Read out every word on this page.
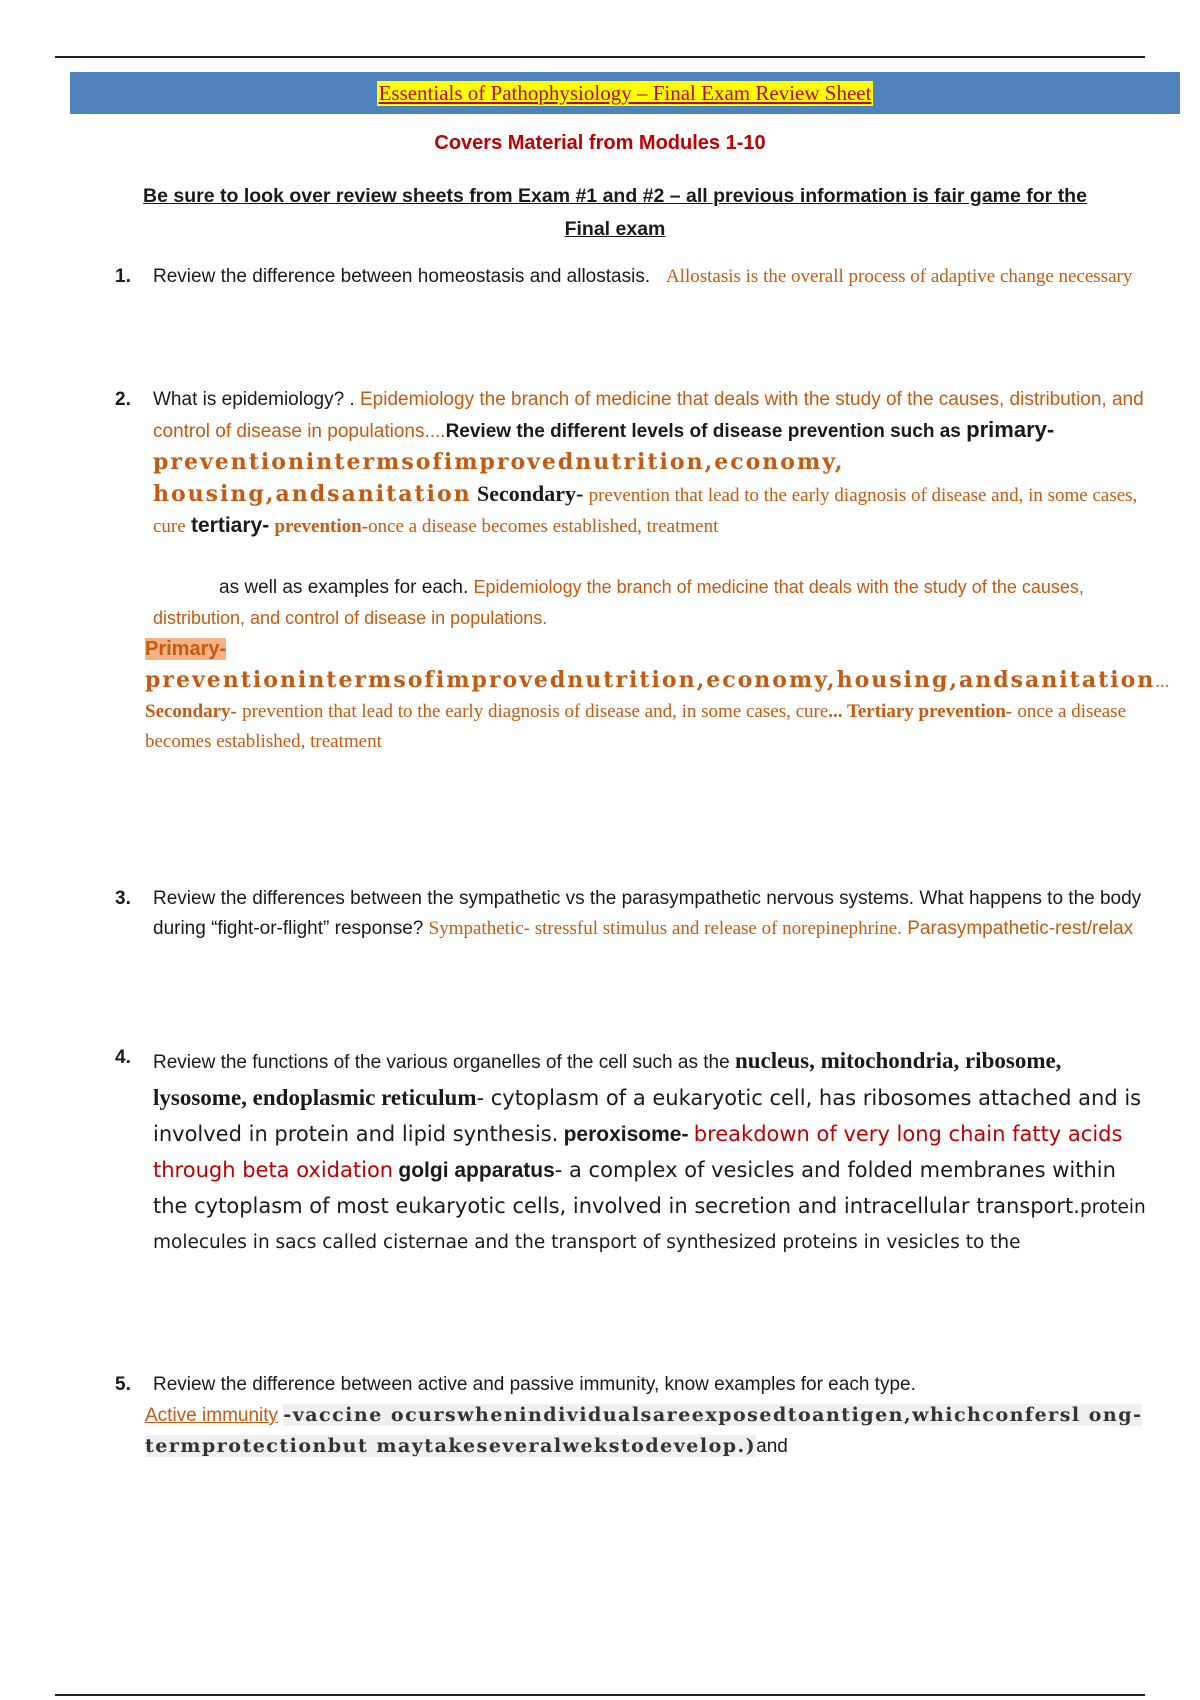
Essentials of Pathophysiology – Final Exam Review Sheet
Covers Material from Modules 1-10
Be sure to look over review sheets from Exam #1 and #2 – all previous information is fair game for the
Final exam
1. Review the difference between homeostasis and allostasis. Allostasis is the overall process of adaptive change necessary
2. What is epidemiology? . Epidemiology the branch of medicine that deals with the study of the causes, distribution, and control of disease in populations....Review the different levels of disease prevention such as primary- preventionintermsofimprovednutrition,economy, housing,andsanitation Secondary- prevention that lead to the early diagnosis of disease and, in some cases, cure tertiary- prevention-once a disease becomes established, treatment
as well as examples for each. Epidemiology the branch of medicine that deals with the study of the causes, distribution, and control of disease in populations.
Primary-
preventionintermsofimprovednutrition,economy,housing,andsanitation... Secondary- prevention that lead to the early diagnosis of disease and, in some cases, cure... Tertiary prevention- once a disease becomes established, treatment
3. Review the differences between the sympathetic vs the parasympathetic nervous systems. What happens to the body during “fight-or-flight” response? Sympathetic- stressful stimulus and release of norepinephrine. Parasympathetic-rest/relax
4. Review the functions of the various organelles of the cell such as the nucleus, mitochondria, ribosome, lysosome, endoplasmic reticulum- cytoplasm of a eukaryotic cell, has ribosomes attached and is involved in protein and lipid synthesis. peroxisome- breakdown of very long chain fatty acids through beta oxidation golgi apparatus- a complex of vesicles and folded membranes within the cytoplasm of most eukaryotic cells, involved in secretion and intracellular transport.protein molecules in sacs called cisternae and the transport of synthesized proteins in vesicles to the
5. Review the difference between active and passive immunity, know examples for each type.
Active immunity -vaccine ocurswhenindividualsareexposedtoantigen,whichconfersl ong-termprotectionbut maytakeseveralwekstodevelop.)and
